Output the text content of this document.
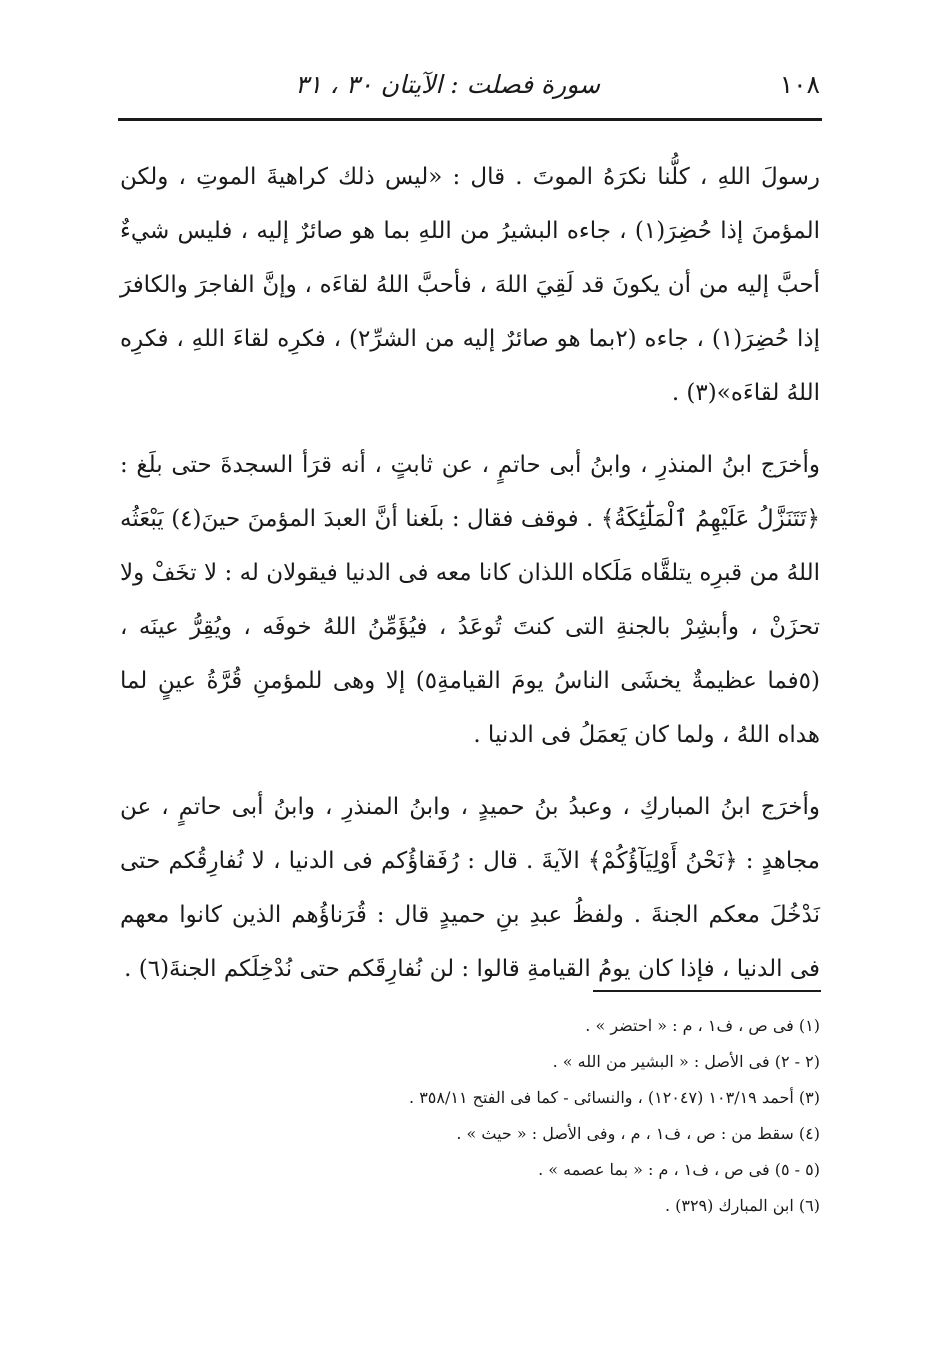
١٠٨
سورة فصلت : الآيتان ٣٠ ، ٣١

رسولَ اللهِ ، كلُّنا نكرَهُ الموتَ . قال : «ليس ذلك كراهيةَ الموتِ ، ولكن المؤمنَ إذا حُضِرَ(١) ، جاءه البشيرُ من اللهِ بما هو صائرٌ إليه ، فليس شيءٌ أحبَّ إليه من أن يكونَ قد لَقِيَ اللهَ ، فأحبَّ اللهُ لقاءَه ، وإنَّ الفاجرَ والكافرَ إذا حُضِرَ(١) ، جاءه (٢بما هو صائرٌ إليه من الشرِّ٢) ، فكرِه لقاءَ اللهِ ، فكرِه اللهُ لقاءَه»(٣) .

وأخرَج ابنُ المنذرِ ، وابنُ أبى حاتمٍ ، عن ثابتٍ ، أنه قرَأ السجدةَ حتى بلَغ : ﴿تَتَنَزَّلُ عَلَيْهِمُ ٱلْمَلَٰٓئِكَةُ﴾ . فوقف فقال : بلَغنا أنَّ العبدَ المؤمنَ حينَ(٤) يَبْعَثُه اللهُ من قبرِه يتلقَّاه مَلَكاه اللذان كانا معه فى الدنيا فيقولان له : لا تخَفْ ولا تحزَنْ ، وأبشِرْ بالجنةِ التى كنتَ تُوعَدُ ، فيُؤَمِّنُ اللهُ خوفَه ، ويُقِرُّ عينَه ، (٥فما عظيمةٌ يخشَى الناسُ يومَ القيامةِ٥) إلا وهى للمؤمنِ قُرَّةُ عينٍ لما هداه اللهُ ، ولما كان يَعمَلُ فى الدنيا .

وأخرَج ابنُ المباركِ ، وعبدُ بنُ حميدٍ ، وابنُ المنذرِ ، وابنُ أبى حاتمٍ ، عن مجاهدٍ : ﴿نَحْنُ أَوْلِيَآؤُكُمْ﴾ الآيةَ . قال : رُفَقاؤُكم فى الدنيا ، لا نُفارِقُكم حتى نَدْخُلَ معكم الجنةَ . ولفظُ عبدِ بنِ حميدٍ قال : قُرَناؤُهم الذين كانوا معهم فى الدنيا ، فإذا كان يومُ القيامةِ قالوا : لن نُفارِقَكم حتى نُدْخِلَكم الجنةَ(٦) .

(١) فى ص ، ف١ ، م : « احتضر » .
(٢ - ٢) فى الأصل : « البشير من الله » .
(٣) أحمد ١٠٣/١٩ (١٢٠٤٧) ، والنسائى - كما فى الفتح ٣٥٨/١١ .
(٤) سقط من : ص ، ف١ ، م ، وفى الأصل : « حيث » .
(٥ - ٥) فى ص ، ف١ ، م : « بما عصمه » .
(٦) ابن المبارك (٣٢٩) .
